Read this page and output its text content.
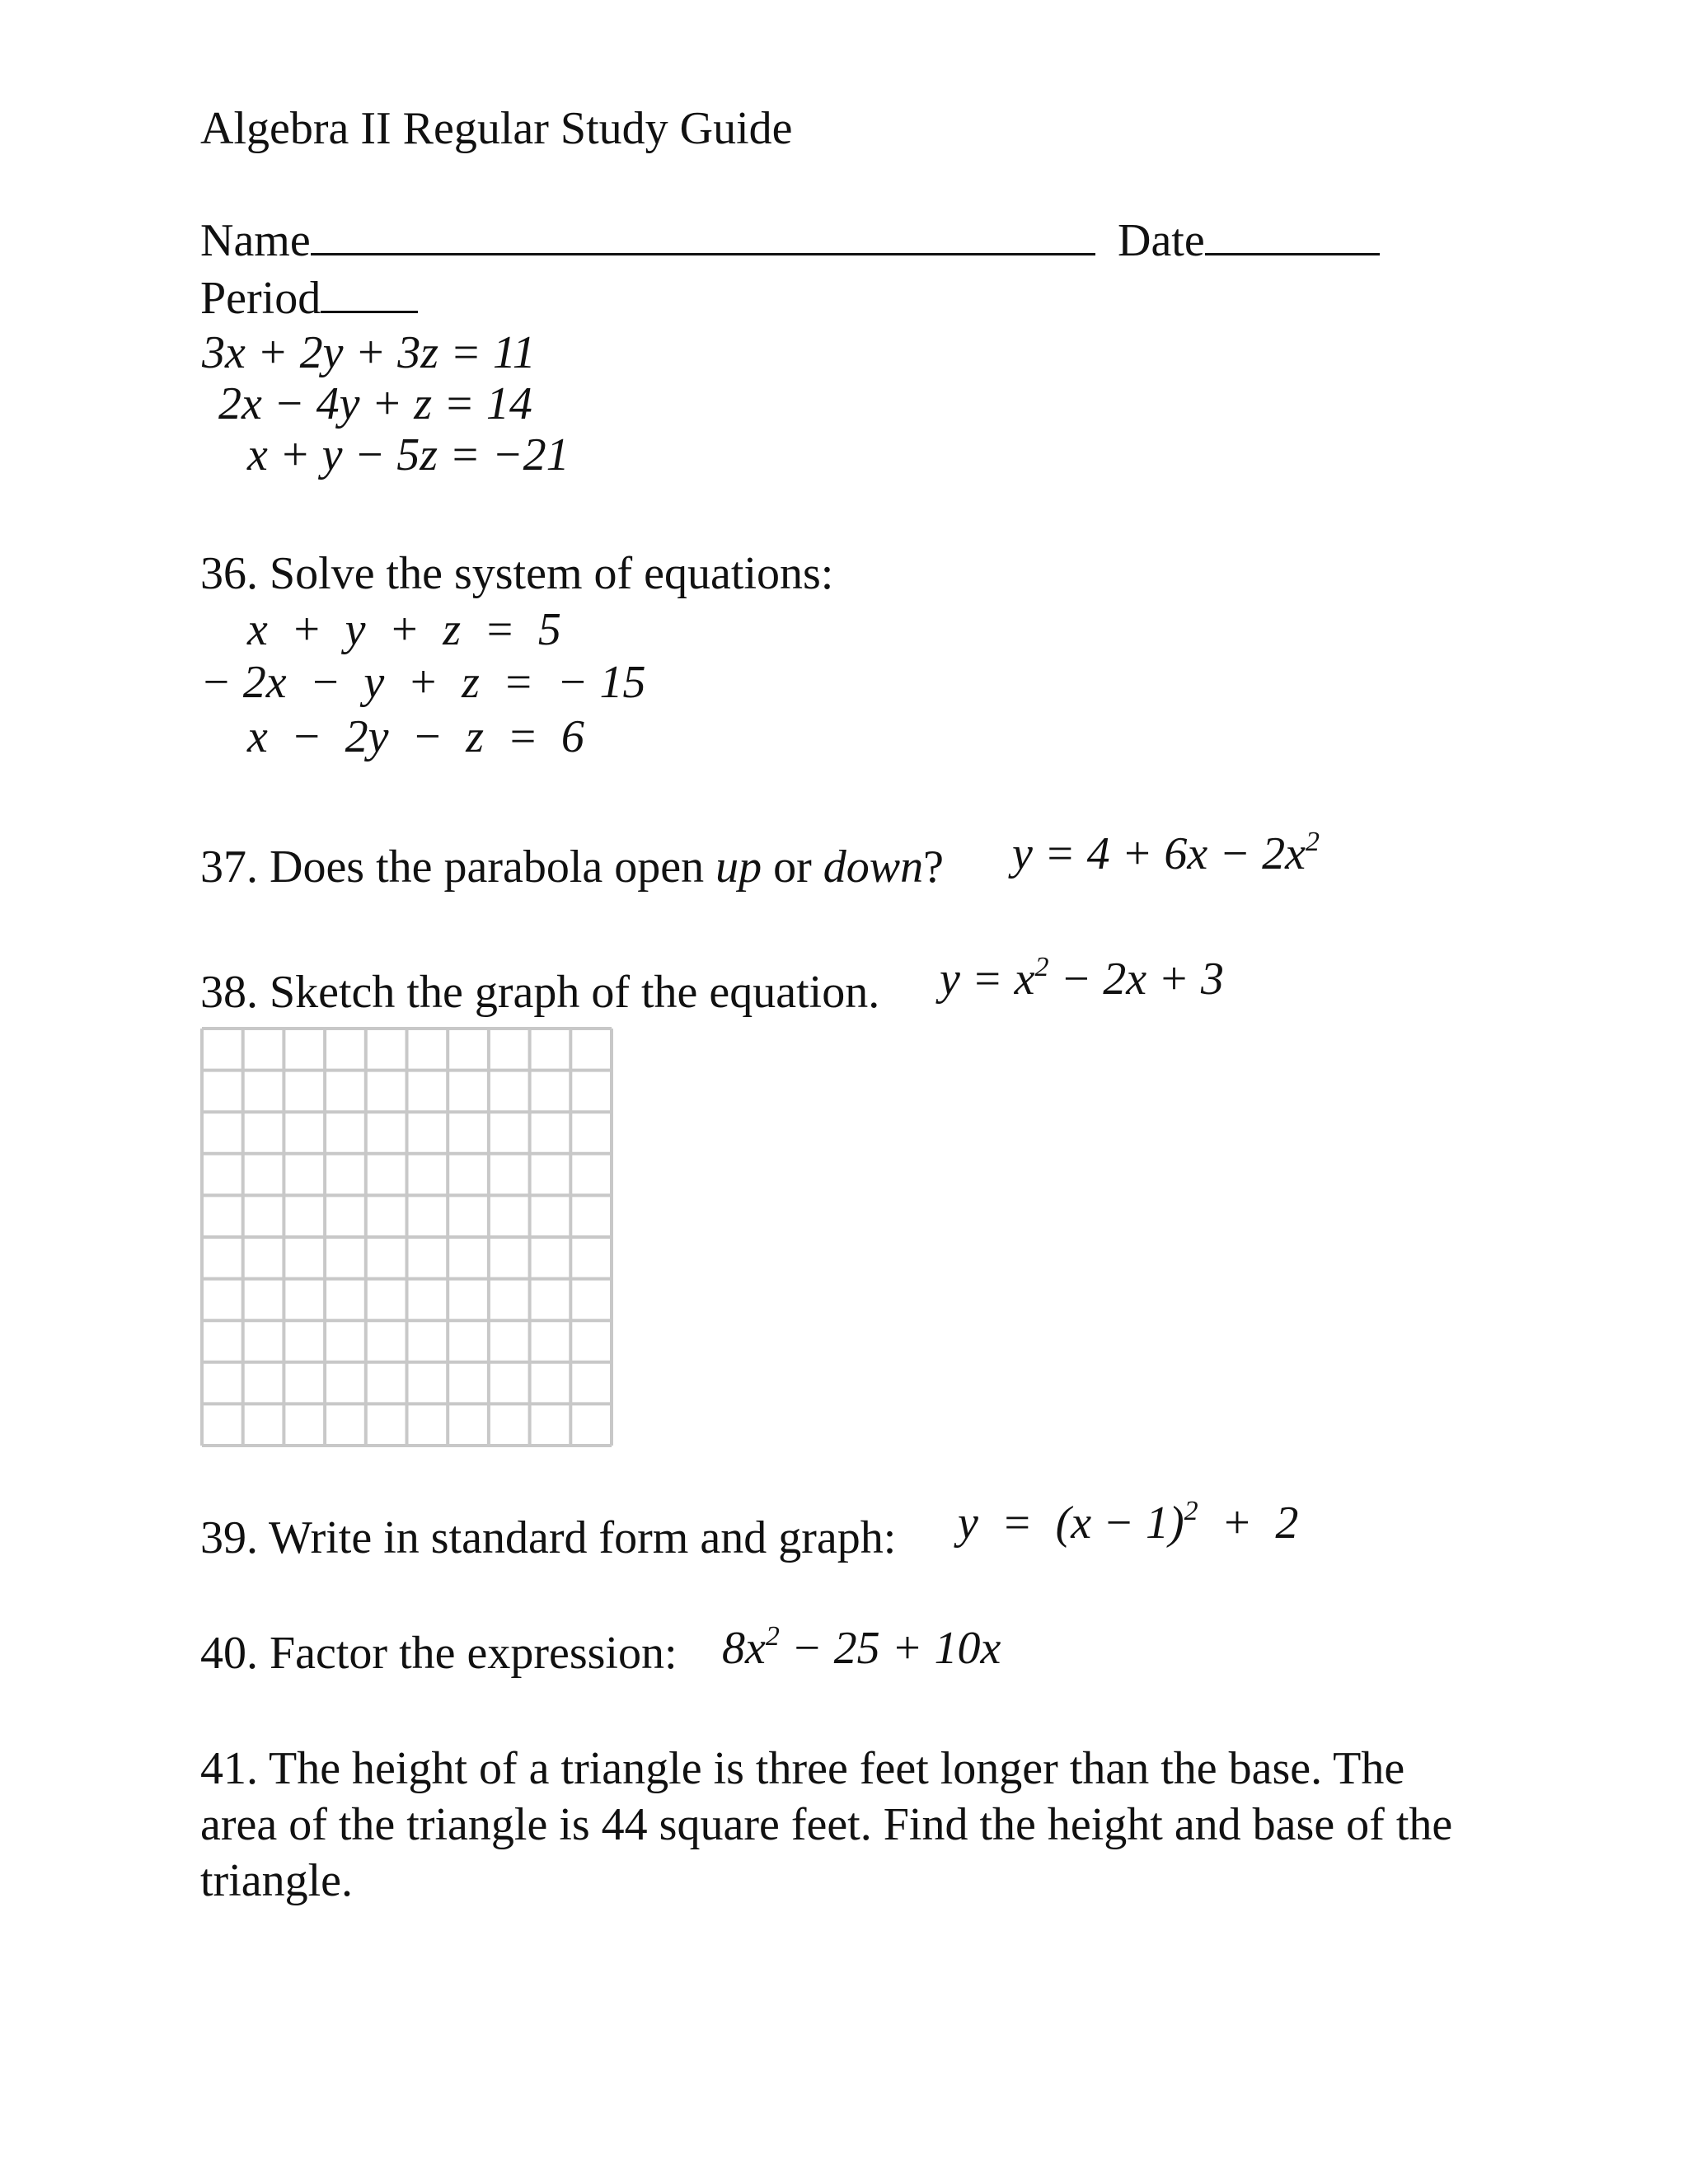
Algebra II Regular Study Guide
Name	Date
Period
3x + 2y + 3z = 11
2x − 4y + z = 14
x + y − 5z = −21
36. Solve the system of equations:
x  +  y  +  z  =  5
− 2x  −  y  +  z  =  − 15
x  −  2y  −  z  =  6
37. Does the parabola open up or down? $y = 4 + 6x - 2x^2$
38. Sketch the graph of the equation. $y = x^2 - 2x + 3$
39. Write in standard form and graph: $y = (x - 1)^2 + 2$
40. Factor the expression: $8x^2 - 25 + 10x$
41. The height of a triangle is three feet longer than the base. The area of the triangle is 44 square feet. Find the height and base of the triangle.
